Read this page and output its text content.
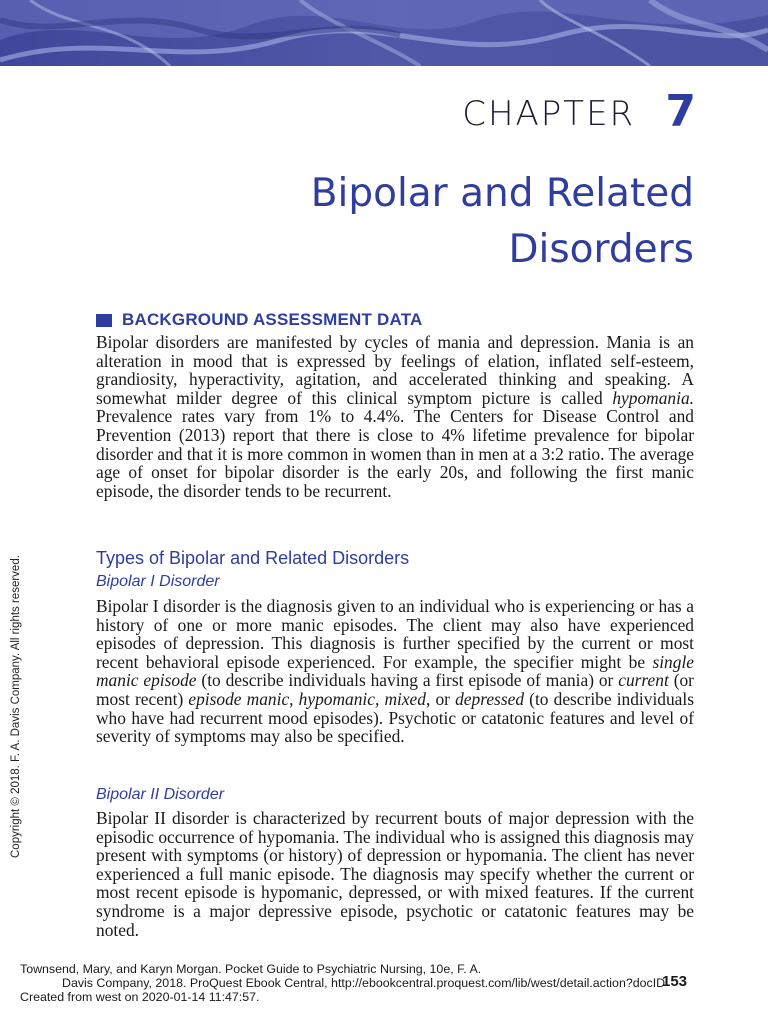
CHAPTER 7
Bipolar and Related
Disorders
BACKGROUND ASSESSMENT DATA

Bipolar disorders are manifested by cycles of mania and depression. Mania is an alteration in mood that is expressed by feelings of elation, inflated self-esteem, grandiosity, hyperactivity, agitation, and accelerated thinking and speaking. A somewhat milder degree of this clinical symptom picture is called hypomania. Prevalence rates vary from 1% to 4.4%. The Centers for Disease Control and Prevention (2013) report that there is close to 4% lifetime prevalence for bipolar disorder and that it is more common in women than in men at a 3:2 ratio. The average age of onset for bipolar disorder is the early 20s, and following the first manic episode, the disorder tends to be recurrent.

Types of Bipolar and Related Disorders
Bipolar I Disorder

Bipolar I disorder is the diagnosis given to an individual who is experiencing or has a history of one or more manic episodes. The client may also have experienced episodes of depression. This diagnosis is further specified by the current or most recent behavioral episode experienced. For example, the specifier might be single manic episode (to describe individuals having a first episode of mania) or current (or most recent) episode manic, hypomanic, mixed, or depressed (to describe individuals who have had recurrent mood episodes). Psychotic or catatonic features and level of severity of symptoms may also be specified.

Bipolar II Disorder

Bipolar II disorder is characterized by recurrent bouts of major depression with the episodic occurrence of hypomania. The individual who is assigned this diagnosis may present with symptoms (or history) of depression or hypomania. The client has never experienced a full manic episode. The diagnosis may specify whether the current or most recent episode is hypomanic, depressed, or with mixed features. If the current syndrome is a major depressive episode, psychotic or catatonic features may be noted.

Copyright © 2018. F. A. Davis Company. All rights reserved.
Townsend, Mary, and Karyn Morgan. Pocket Guide to Psychiatric Nursing, 10e, F. A.
Davis Company, 2018. ProQuest Ebook Central, http://ebookcentral.proquest.com/lib/west/detail.action?docID
Created from west on 2020-01-14 11:47:57.
153
